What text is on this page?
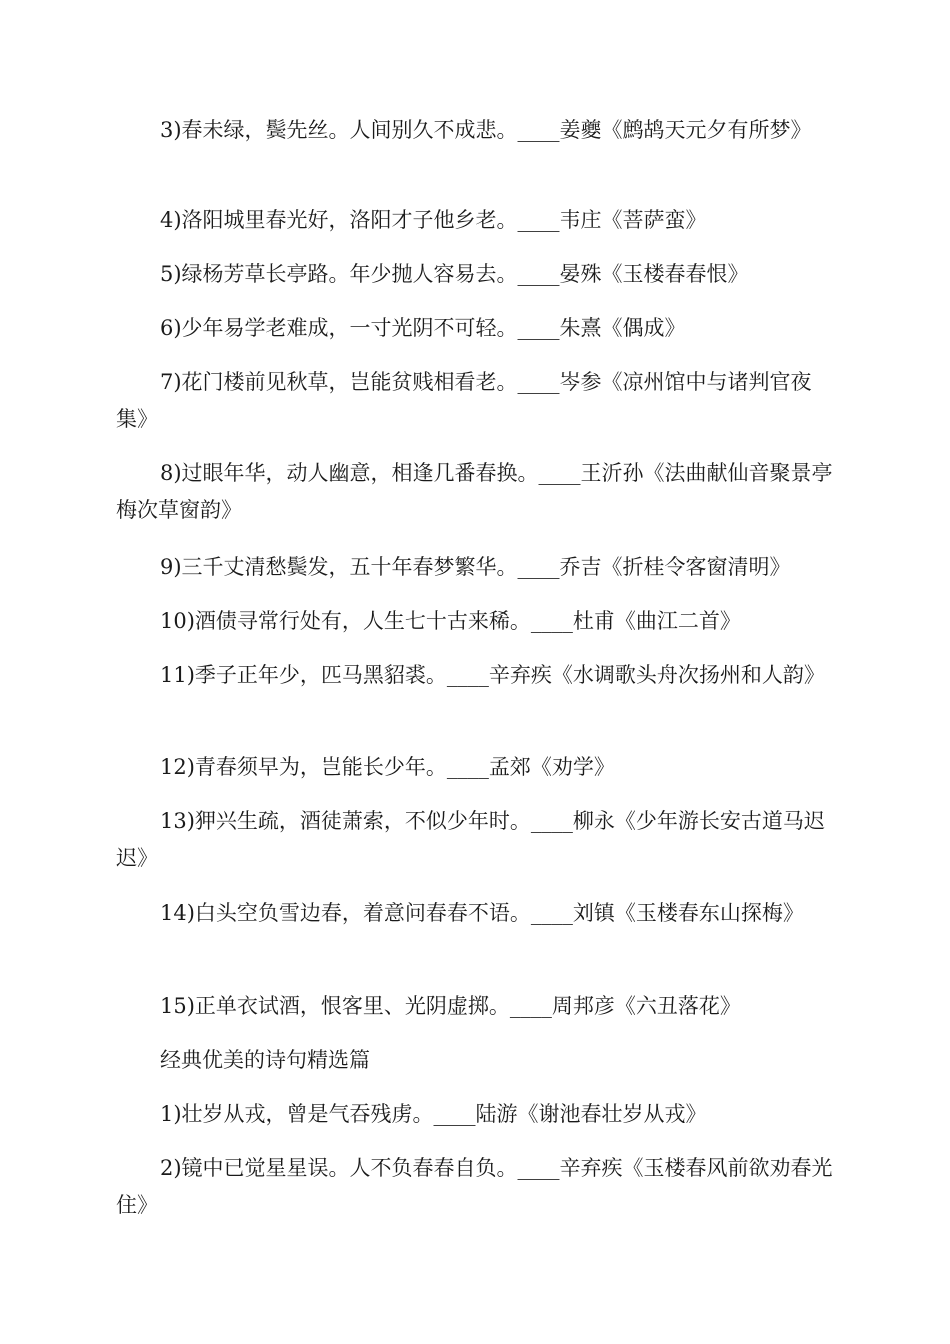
3)春未绿，鬓先丝。人间别久不成悲。____姜夔《鹧鸪天元夕有所梦》
4)洛阳城里春光好，洛阳才子他乡老。____韦庄《菩萨蛮》
5)绿杨芳草长亭路。年少抛人容易去。____晏殊《玉楼春春恨》
6)少年易学老难成，一寸光阴不可轻。____朱熹《偶成》
7)花门楼前见秋草，岂能贫贱相看老。____岑参《凉州馆中与诸判官夜集》
8)过眼年华，动人幽意，相逢几番春换。____王沂孙《法曲献仙音聚景亭梅次草窗韵》
9)三千丈清愁鬓发，五十年春梦繁华。____乔吉《折桂令客窗清明》
10)酒债寻常行处有，人生七十古来稀。____杜甫《曲江二首》
11)季子正年少，匹马黑貂裘。____辛弃疾《水调歌头舟次扬州和人韵》
12)青春须早为，岂能长少年。____孟郊《劝学》
13)狎兴生疏，酒徒萧索，不似少年时。____柳永《少年游长安古道马迟迟》
14)白头空负雪边春，着意问春春不语。____刘镇《玉楼春东山探梅》
15)正单衣试酒，恨客里、光阴虚掷。____周邦彦《六丑落花》
经典优美的诗句精选篇
1)壮岁从戎，曾是气吞残虏。____陆游《谢池春壮岁从戎》
2)镜中已觉星星误。人不负春春自负。____辛弃疾《玉楼春风前欲劝春光住》
